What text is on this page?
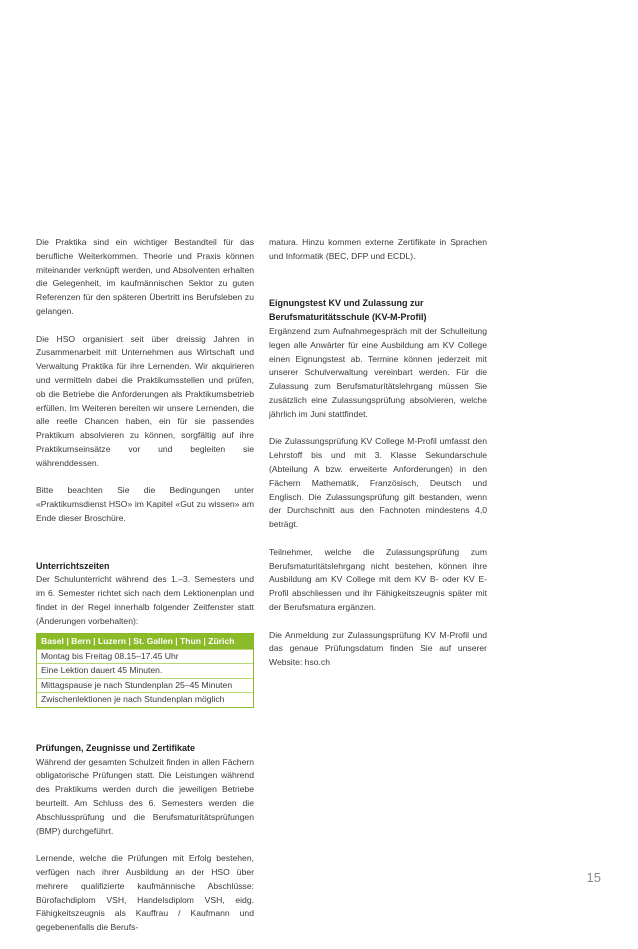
Die Praktika sind ein wichtiger Bestandteil für das berufliche Weiterkommen. Theorie und Praxis können miteinander verknüpft werden, und Absolventen erhalten die Gelegenheit, im kaufmännischen Sektor zu guten Referenzen für den späteren Übertritt ins Berufsleben zu gelangen.

Die HSO organisiert seit über dreissig Jahren in Zusammenarbeit mit Unternehmen aus Wirtschaft und Verwaltung Praktika für ihre Lernenden. Wir akquirieren und vermitteln dabei die Praktikumsstellen und prüfen, ob die Betriebe die Anforderungen als Praktikumsbetrieb erfüllen. Im Weiteren bereiten wir unsere Lernenden, die alle reelle Chancen haben, ein für sie passendes Praktikum absolvieren zu können, sorgfältig auf ihre Praktikumseinsätze vor und begleiten sie währenddessen.

Bitte beachten Sie die Bedingungen unter «Praktikumsdienst HSO» im Kapitel «Gut zu wissen» am Ende dieser Broschüre.

Unterrichtszeiten

Der Schulunterricht während des 1.–3. Semesters und im 6. Semester richtet sich nach dem Lektionenplan und findet in der Regel innerhalb folgender Zeitfenster statt (Änderungen vorbehalten):

Basel | Bern | Luzern | St. Gallen | Thun | Zürich
Montag bis Freitag 08.15–17.45 Uhr
Eine Lektion dauert 45 Minuten.
Mittagspause je nach Stundenplan 25–45 Minuten
Zwischenlektionen je nach Stundenplan möglich
Prüfungen, Zeugnisse und Zertifikate

Während der gesamten Schulzeit finden in allen Fächern obligatorische Prüfungen statt. Die Leistungen während des Praktikums werden durch die jeweiligen Betriebe beurteilt. Am Schluss des 6. Semesters werden die Abschlussprüfung und die Berufsmaturitätsprüfungen (BMP) durchgeführt.

Lernende, welche die Prüfungen mit Erfolg bestehen, verfügen nach ihrer Ausbildung an der HSO über mehrere qualifizierte kaufmännische Abschlüsse: Bürofachdiplom VSH, Handelsdiplom VSH, eidg. Fähigkeitszeugnis als Kauffrau / Kaufmann und gegebenenfalls die Berufs-

matura. Hinzu kommen externe Zertifikate in Sprachen und Informatik (BEC, DFP und ECDL).

Eignungstest KV und Zulassung zur Berufsmaturitätsschule (KV-M-Profil)

Ergänzend zum Aufnahmegespräch mit der Schulleitung legen alle Anwärter für eine Ausbildung am KV College einen Eignungstest ab. Termine können jederzeit mit unserer Schulverwaltung vereinbart werden. Für die Zulassung zum Berufsmaturitätslehrgang müssen Sie zusätzlich eine Zulassungsprüfung absolvieren, welche jährlich im Juni stattfindet.

Die Zulassungsprüfung KV College M-Profil umfasst den Lehrstoff bis und mit 3. Klasse Sekundarschule (Abteilung A bzw. erweiterte Anforderungen) in den Fächern Mathematik, Französisch, Deutsch und Englisch. Die Zulassungsprüfung gilt bestanden, wenn der Durchschnitt aus den Fachnoten mindestens 4,0 beträgt.

Teilnehmer, welche die Zulassungsprüfung zum Berufsmaturitätslehrgang nicht bestehen, können ihre Ausbildung am KV College mit dem KV B- oder KV E-Profil abschliessen und ihr Fähigkeitszeugnis später mit der Berufsmatura ergänzen.

Die Anmeldung zur Zulassungsprüfung KV M-Profil und das genaue Prüfungsdatum finden Sie auf unserer Website: hso.ch

15
